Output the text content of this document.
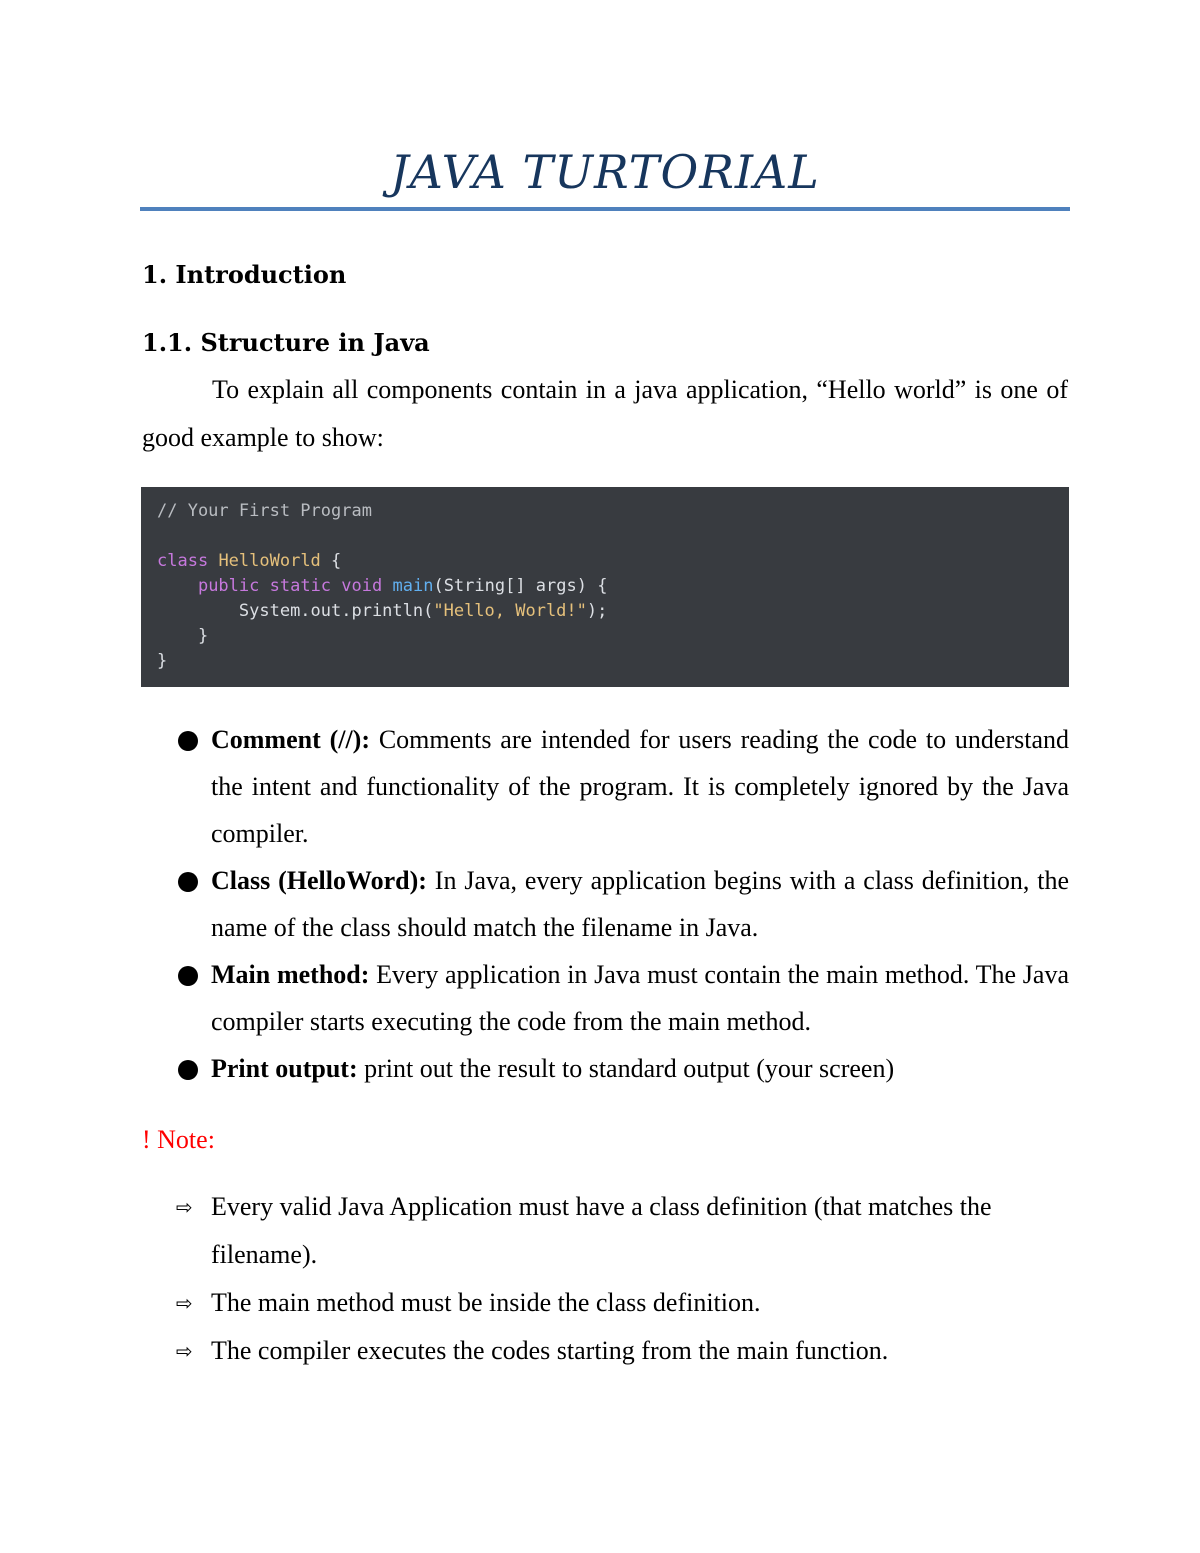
JAVA TURTORIAL
1. Introduction
1.1. Structure in Java

To explain all components contain in a java application, “Hello world” is one of good example to show:

// Your First Program

class HelloWorld {
public static void main(String[] args) {
System.out.println("Hello, World!");
}
}
Comment (//): Comments are intended for users reading the code to understand the intent and functionality of the program. It is completely ignored by the Java compiler.
Class (HelloWord): In Java, every application begins with a class definition, the name of the class should match the filename in Java.
Main method: Every application in Java must contain the main method. The Java compiler starts executing the code from the main method.
Print output: print out the result to standard output (your screen)

! Note:

⇨ Every valid Java Application must have a class definition (that matches the filename).
⇨ The main method must be inside the class definition.
⇨ The compiler executes the codes starting from the main function.
